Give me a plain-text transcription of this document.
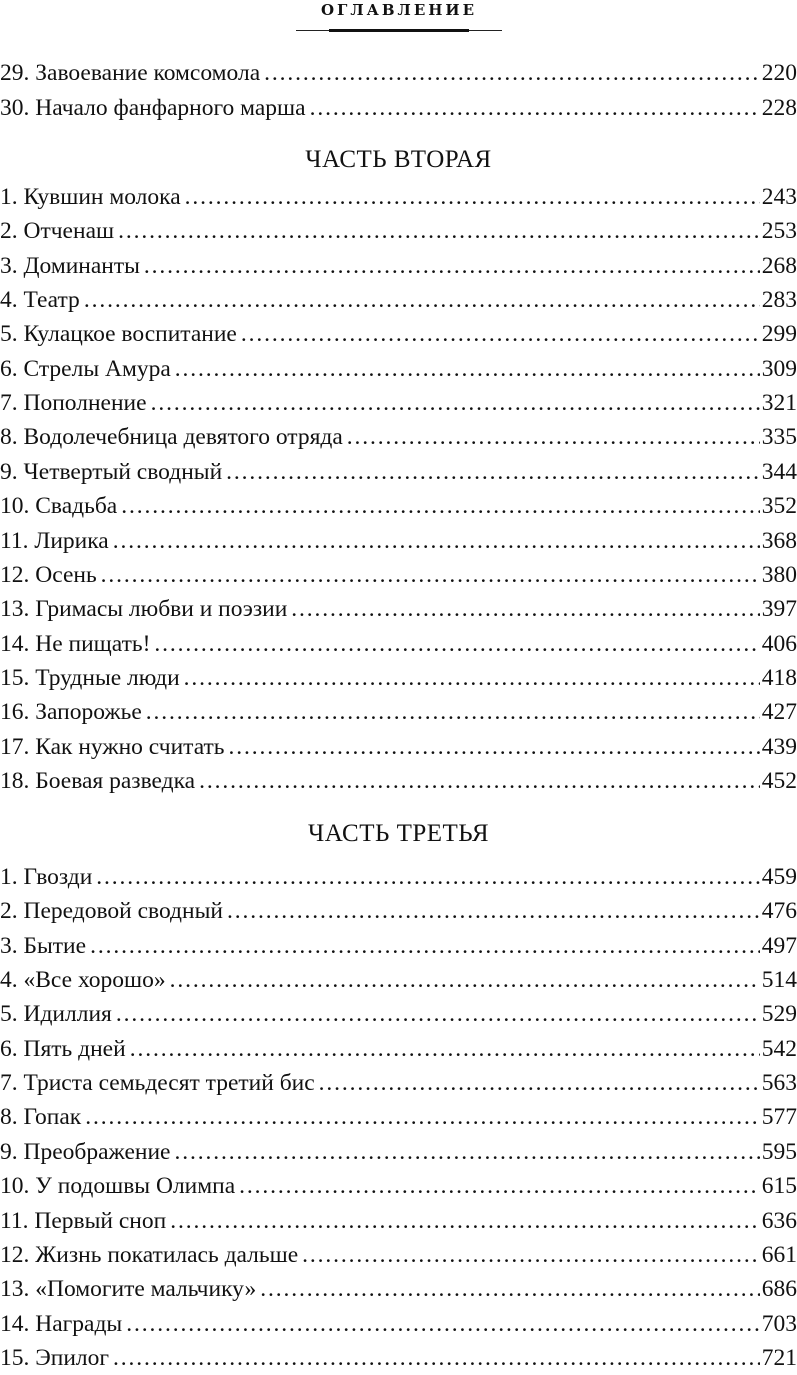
ОГЛАВЛЕНИЕ
29. Завоевание комсомола . . .	220
30. Начало фанфарного марша . . .	228
ЧАСТЬ ВТОРАЯ
1. Кувшин молока . . .	243
2. Отченаш . . .	253
3. Доминанты . . .	268
4. Театр . . .	283
5. Кулацкое воспитание . . .	299
6. Стрелы Амура . . .	309
7. Пополнение . . .	321
8. Водолечебница девятого отряда . . .	335
9. Четвертый сводный . . .	344
10. Свадьба . . .	352
11. Лирика . . .	368
12. Осень . . .	380
13. Гримасы любви и поэзии . . .	397
14. Не пищать! . . .	406
15. Трудные люди . . .	418
16. Запорожье . . .	427
17. Как нужно считать . . .	439
18. Боевая разведка . . .	452
ЧАСТЬ ТРЕТЬЯ
1. Гвозди . . .	459
2. Передовой сводный . . .	476
3. Бытие . . .	497
4. «Все хорошо» . . .	514
5. Идиллия . . .	529
6. Пять дней . . .	542
7. Триста семьдесят третий бис . . .	563
8. Гопак . . .	577
9. Преображение . . .	595
10. У подошвы Олимпа . . .	615
11. Первый сноп . . .	636
12. Жизнь покатилась дальше . . .	661
13. «Помогите мальчику» . . .	686
14. Награды . . .	703
15. Эпилог . . .	721
